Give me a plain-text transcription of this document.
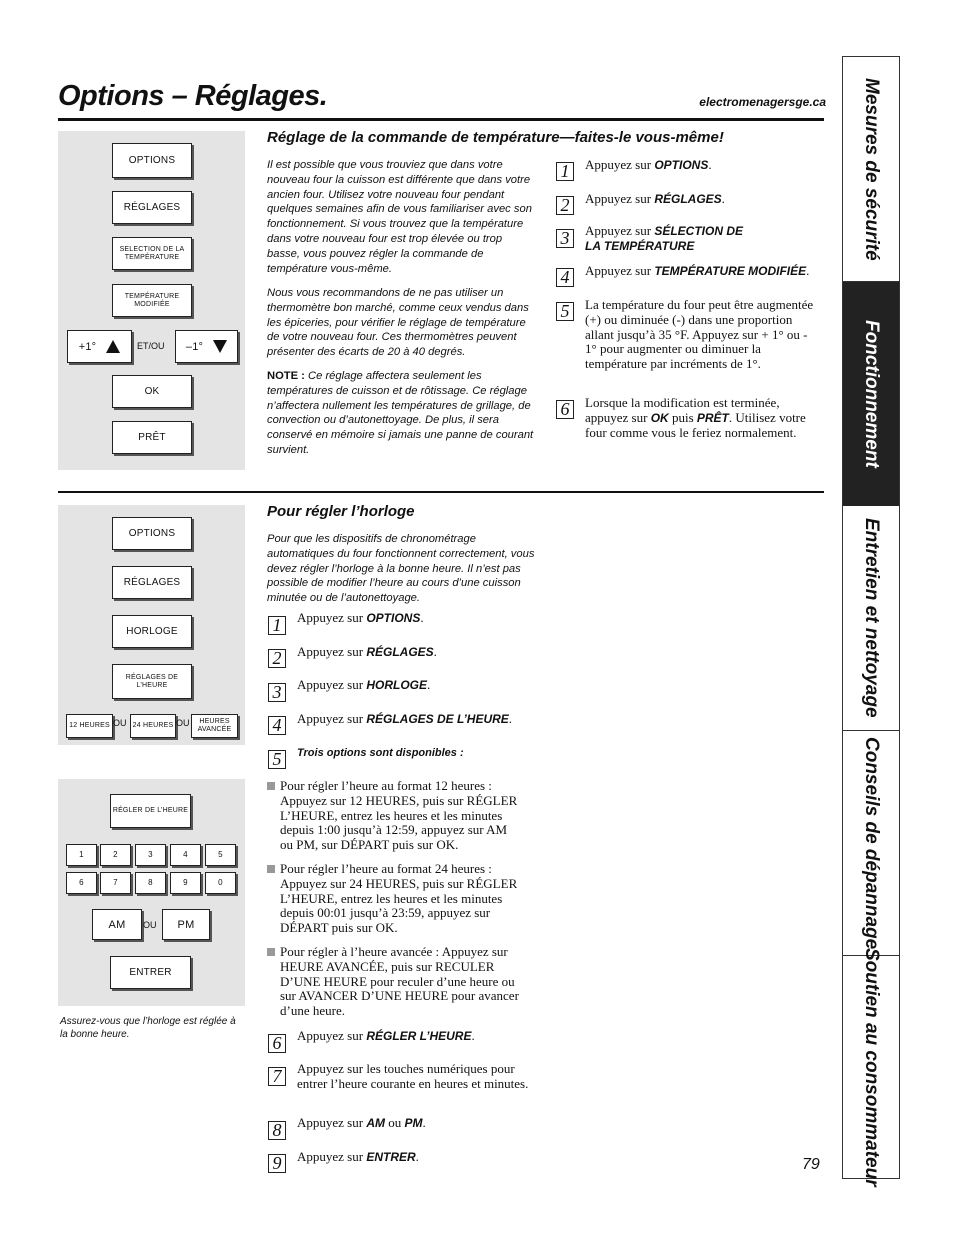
Options – Réglages.	electromenagersge.ca
OPTIONS
RÉGLAGES
SELECTION DE LA TEMPÉRATURE
TEMPÉRATURE MODIFIÉE
+1°	ET/OU –1°
OK
PRÊT
Réglage de la commande de température—faites-le vous-même!
Il est possible que vous trouviez que dans votre nouveau four la cuisson est différente que dans votre ancien four. Utilisez votre nouveau four pendant quelques semaines afin de vous familiariser avec son fonctionnement. Si vous trouvez que la température dans votre nouveau four est trop élevée ou trop basse, vous pouvez régler la commande de température vous-même.
Nous vous recommandons de ne pas utiliser un thermomètre bon marché, comme ceux vendus dans les épiceries, pour vérifier le réglage de température de votre nouveau four. Ces thermomètres peuvent présenter des écarts de 20 à 40 degrés.
NOTE : Ce réglage affectera seulement les températures de cuisson et de rôtissage. Ce réglage n’affectera nullement les températures de grillage, de convection ou d’autonettoyage. De plus, il sera conservé en mémoire si jamais une panne de courant survient.
1	Appuyez sur OPTIONS.
2	Appuyez sur RÉGLAGES.
3	Appuyez sur SÉLECTION DE LA TEMPÉRATURE
4	Appuyez sur TEMPÉRATURE MODIFIÉE.
5	La température du four peut être augmentée (+) ou diminuée (-) dans une proportion allant jusqu’à 35 °F. Appuyez sur + 1° ou - 1° pour augmenter ou diminuer la température par incréments de 1°.
6	Lorsque la modification est terminée, appuyez sur OK puis PRÊT. Utilisez votre four comme vous le feriez normalement.
OPTIONS
RÉGLAGES
HORLOGE
RÉGLAGES DE L’HEURE
12 HEURES OU 24 HEURES OU	HEURES AVANCÉE
RÉGLER DE L’HEURE
1	2	3	4	5
6	7	8	9	0
AM	OU	PM
ENTRER
Assurez-vous que l’horloge est réglée à la bonne heure.
Pour régler l’horloge
Pour que les dispositifs de chronométrage automatiques du four fonctionnent correctement, vous devez régler l’horloge à la bonne heure. Il n’est pas possible de modifier l’heure au cours d’une cuisson minutée ou de l’autonettoyage.
1	Appuyez sur OPTIONS.
2	Appuyez sur RÉGLAGES.
3	Appuyez sur HORLOGE.
4	Appuyez sur RÉGLAGES DE L’HEURE.
5	Trois options sont disponibles :
Pour régler l’heure au format 12 heures : Appuyez sur 12 HEURES, puis sur RÉGLER L’HEURE, entrez les heures et les minutes depuis 1:00 jusqu’à 12:59, appuyez sur AM ou PM, sur DÉPART puis sur OK.
Pour régler l’heure au format 24 heures : Appuyez sur 24 HEURES, puis sur RÉGLER L’HEURE, entrez les heures et les minutes depuis 00:01 jusqu’à 23:59, appuyez sur DÉPART puis sur OK.
Pour régler à l’heure avancée : Appuyez sur HEURE AVANCÉE, puis sur RECULER D’UNE HEURE pour reculer d’une heure ou sur AVANCER D’UNE HEURE pour avancer d’une heure.
6	Appuyez sur RÉGLER L’HEURE.
7	Appuyez sur les touches numériques pour entrer l’heure courante en heures et minutes.
8	Appuyez sur AM ou PM.
9	Appuyez sur ENTRER.	79
Mesures de sécurité
Fonctionnement
Entretien et nettoyage
Conseils de dépannage
Soutien au consommateur
